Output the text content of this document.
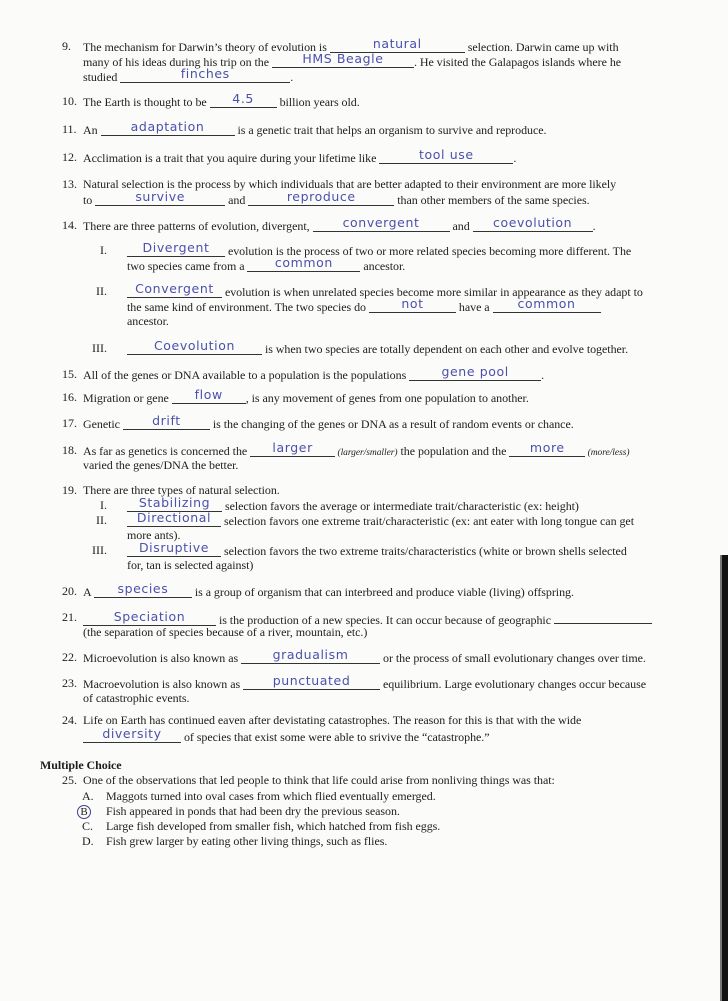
9. The mechanism for Darwin’s theory of evolution is	natural	selection. Darwin came up with
many of his ideas during his trip on the HMS Beagle	. He visited the Galapagos islands where he
studied	finches	.
10. The Earth is thought to be 4.5 billion years old.
11. An adaptation	is a genetic trait that helps an organism to survive and reproduce.
12. Acclimation is a trait that you aquire during your lifetime like	tool use	.
13. Natural selection is the process by which individuals that are better adapted to their environment are more likely
to	survive	and	reproduce	than other members of the same species.
14. There are three patterns of evolution, divergent, convergent	and coevolution .
I.	Divergent evolution is the process of two or more related species becoming more different. The
two species came from a common ancestor.
II.	Convergent evolution is when unrelated species become more similar in appearance as they adapt to
the same kind of environment. The two species do	not	have a common
ancestor.
III.	Coevolution is when two species are totally dependent on each other and evolve together.
15. All of the genes or DNA available to a population is the populations	gene pool	.
16. Migration or gene flow , is any movement of genes from one population to another.
17. Genetic drift is the changing of the genes or DNA as a result of random events or chance.
18. As far as genetics is concerned the larger (larger/smaller) the population and the more (more/less)
varied the genes/DNA the better.
19. There are three types of natural selection.
I.	Stabilizing selection favors the average or intermediate trait/characteristic (ex: height)
II.	Directional selection favors one extreme trait/characteristic (ex: ant eater with long tongue can get
more ants).
III.	Disruptive selection favors the two extreme traits/characteristics (white or brown shells selected
for, tan is selected against)
20. A species is a group of organism that can interbreed and produce viable (living) offspring.
21.	Speciation	is the production of a new species. It can occur because of geographic
(the separation of species because of a river, mountain, etc.)
22. Microevolution is also known as	gradualism	or the process of small evolutionary changes over time.
23. Macroevolution is also known as punctuated equilibrium. Large evolutionary changes occur because
of catastrophic events.
24. Life on Earth has continued eaven after devistating catastrophes. The reason for this is that with the wide
diversity of species that exist some were able to srivive the “catastrophe.”
Multiple Choice
25. One of the observations that led people to think that life could arise from nonliving things was that:
A. Maggots turned into oval cases from which flied eventually emerged.
B Fish appeared in ponds that had been dry the previous season.
C. Large fish developed from smaller fish, which hatched from fish eggs.
D. Fish grew larger by eating other living things, such as flies.
